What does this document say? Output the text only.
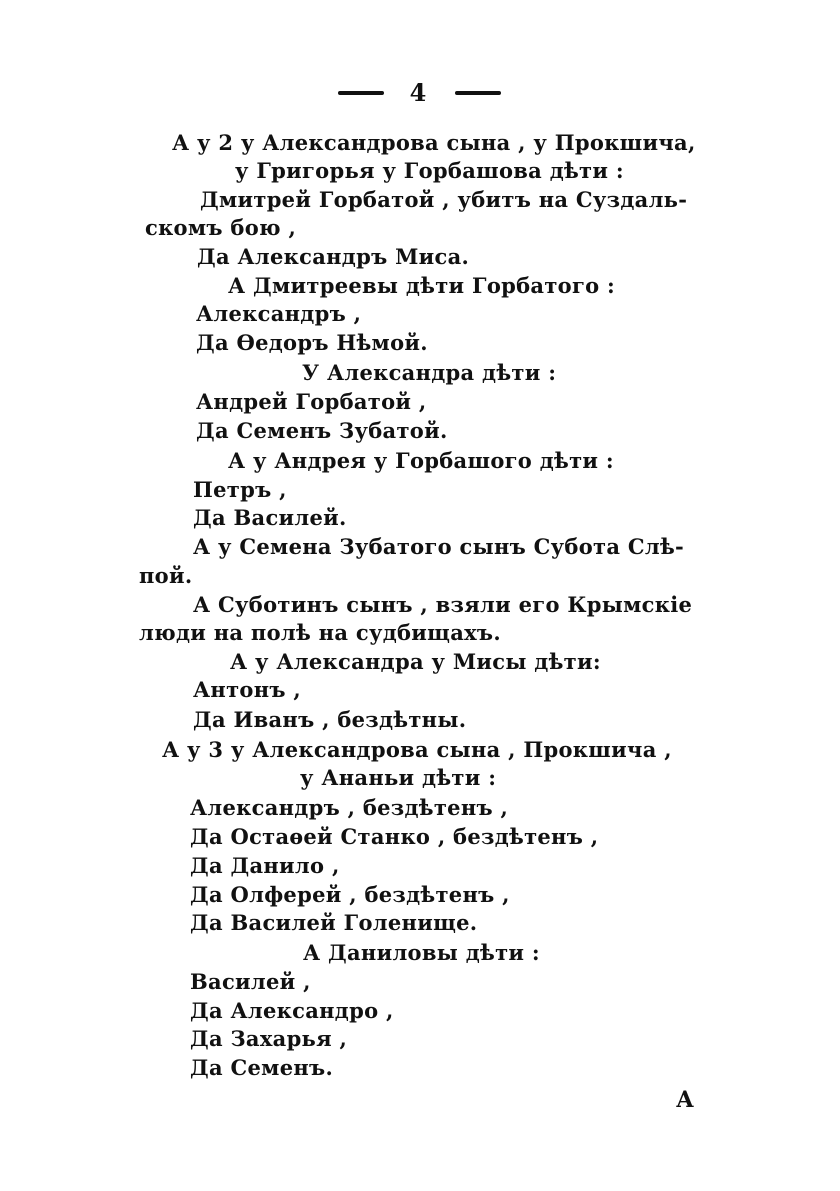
4
А у 2 у Александрова сына , у Прокшича,
у Григорья у Горбашова дѣти :
Дмитрей Горбатой , убитъ на Суздаль-
скомъ бою ,
Да Александръ Миса.
А Дмитреевы дѣти Горбатого :
Александръ ,
Да Ѳедоръ Нѣмой.
У Александра дѣти :
Андрей Горбатой ,
Да Семенъ Зубатой.
А у Андрея у Горбашого дѣти :
Петръ ,
Да Василей.
А у Семена Зубатого сынъ Субота Слѣ-
пой.
А Суботинъ сынъ , взяли его Крымскіе
люди на полѣ на судбищахъ.
А у Александра у Мисы дѣти:
Антонъ ,
Да Иванъ , бездѣтны.
А у 3 у Александрова сына , Прокшича ,
у Ананьи дѣти :
Александръ , бездѣтенъ ,
Да Остаѳей Станко , бездѣтенъ ,
Да Данило ,
Да Олферей , бездѣтенъ ,
Да Василей Голенище.
А Даниловы дѣти :
Василей ,
Да Александро ,
Да Захарья ,
Да Семенъ.
А
